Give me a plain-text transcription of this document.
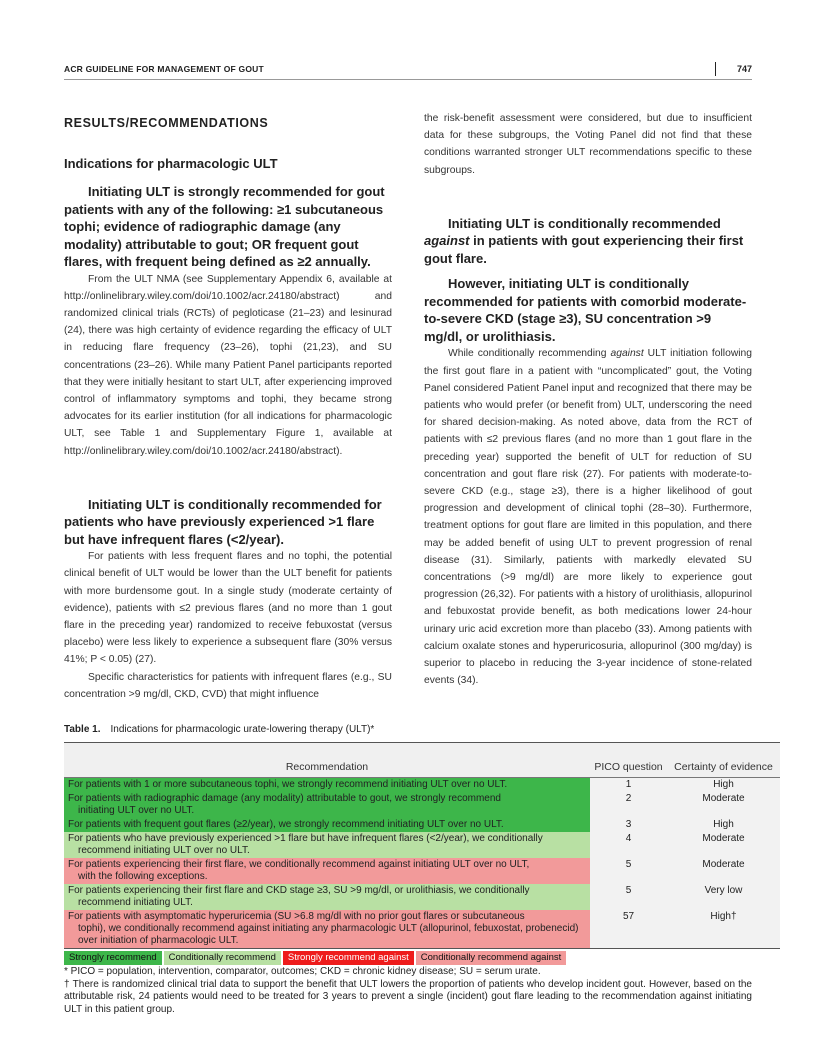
ACR GUIDELINE FOR MANAGEMENT OF GOUT	747
RESULTS/RECOMMENDATIONS
Indications for pharmacologic ULT

Initiating ULT is strongly recommended for gout patients with any of the following: ≥1 subcutaneous tophi; evidence of radiographic damage (any modality) attributable to gout; OR frequent gout flares, with frequent being defined as ≥2 annually.

From the ULT NMA (see Supplementary Appendix 6, available at http://onlinelibrary.wiley.com/doi/10.1002/acr.24180/abstract) and randomized clinical trials (RCTs) of pegloticase (21–23) and lesinurad (24), there was high certainty of evidence regarding the efficacy of ULT in reducing flare frequency (23–26), tophi (21,23), and SU concentrations (23–26). While many Patient Panel participants reported that they were initially hesitant to start ULT, after experiencing improved control of inflammatory symptoms and tophi, they became strong advocates for its earlier institution (for all indications for pharmacologic ULT, see Table 1 and Supplementary Figure 1, available at http://onlinelibrary.wiley.com/doi/10.1002/acr.24180/abstract).

Initiating ULT is conditionally recommended for patients who have previously experienced >1 flare but have infrequent flares (<2/year).

For patients with less frequent flares and no tophi, the potential clinical benefit of ULT would be lower than the ULT benefit for patients with more burdensome gout. In a single study (moderate certainty of evidence), patients with ≤2 previous flares (and no more than 1 gout flare in the preceding year) randomized to receive febuxostat (versus placebo) were less likely to experience a subsequent flare (30% versus 41%; P < 0.05) (27).

Specific characteristics for patients with infrequent flares (e.g., SU concentration >9 mg/dl, CKD, CVD) that might influence

the risk-benefit assessment were considered, but due to insufficient data for these subgroups, the Voting Panel did not find that these conditions warranted stronger ULT recommendations specific to these subgroups.

Initiating ULT is conditionally recommended against in patients with gout experiencing their first gout flare.

However, initiating ULT is conditionally recommended for patients with comorbid moderate-to-severe CKD (stage ≥3), SU concentration >9 mg/dl, or urolithiasis.

While conditionally recommending against ULT initiation following the first gout flare in a patient with “uncomplicated” gout, the Voting Panel considered Patient Panel input and recognized that there may be patients who would prefer (or benefit from) ULT, underscoring the need for shared decision-making. As noted above, data from the RCT of patients with ≤2 previous flares (and no more than 1 gout flare in the preceding year) supported the benefit of ULT for reduction of SU concentration and gout flare risk (27). For patients with moderate-to-severe CKD (e.g., stage ≥3), there is a higher likelihood of gout progression and development of clinical tophi (28–30). Furthermore, treatment options for gout flare are limited in this population, and there may be added benefit of using ULT to prevent progression of renal disease (31). Similarly, patients with markedly elevated SU concentrations (>9 mg/dl) are more likely to experience gout progression (26,32). For patients with a history of urolithiasis, allopurinol and febuxostat provide benefit, as both medications lower 24-hour urinary uric acid excretion more than placebo (33). Among patients with calcium oxalate stones and hyperuricosuria, allopurinol (300 mg/day) is superior to placebo in reducing the 3-year incidence of stone-related events (34).

Table 1. Indications for pharmacologic urate-lowering therapy (ULT)*
Recommendation	PICO question	Certainty of evidence
For patients with 1 or more subcutaneous tophi, we strongly recommend initiating ULT over no ULT.	1	High
For patients with radiographic damage (any modality) attributable to gout, we strongly recommend
initiating ULT over no ULT.
2	Moderate
For patients with frequent gout flares (≥2/year), we strongly recommend initiating ULT over no ULT.	3	High
For patients who have previously experienced >1 flare but have infrequent flares (<2/year), we conditionally
recommend initiating ULT over no ULT.
4	Moderate
For patients experiencing their first flare, we conditionally recommend against initiating ULT over no ULT,
with the following exceptions.
5	Moderate
For patients experiencing their first flare and CKD stage ≥3, SU >9 mg/dl, or urolithiasis, we conditionally
recommend initiating ULT.
5	Very low
For patients with asymptomatic hyperuricemia (SU >6.8 mg/dl with no prior gout flares or subcutaneous
tophi), we conditionally recommend against initiating any pharmacologic ULT (allopurinol, febuxostat, probenecid) over initiation of pharmacologic ULT.
57	High†
Strongly recommend	Conditionally recommend	Strongly recommend against	Conditionally recommend against

* PICO = population, intervention, comparator, outcomes; CKD = chronic kidney disease; SU = serum urate.

† There is randomized clinical trial data to support the benefit that ULT lowers the proportion of patients who develop incident gout. However, based on the attributable risk, 24 patients would need to be treated for 3 years to prevent a single (incident) gout flare leading to the recommendation against initiating ULT in this patient group.
